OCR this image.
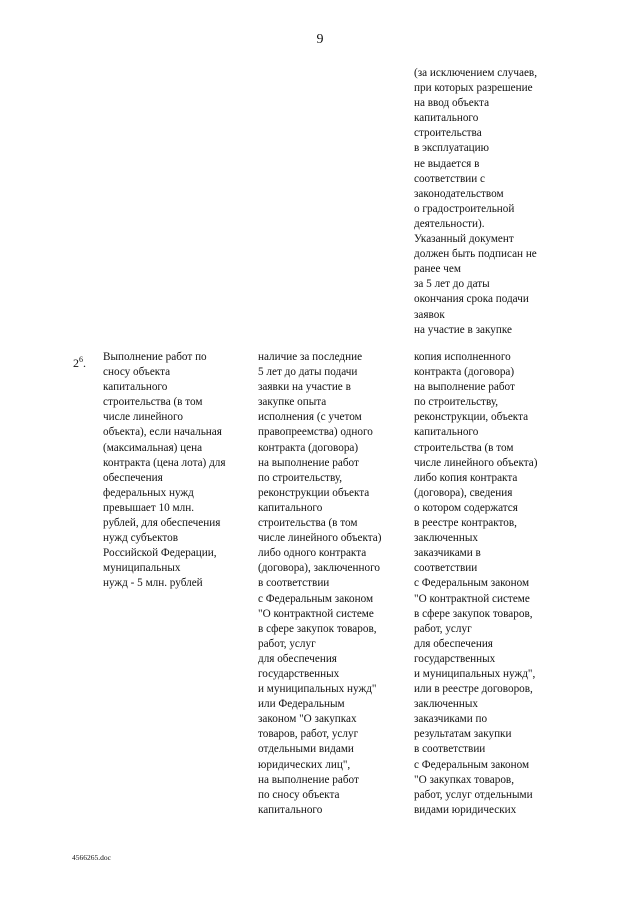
9

(за исключением случаев,
при которых разрешение
на ввод объекта
капитального
строительства
в эксплуатацию
не выдается в
соответствии с
законодательством
о градостроительной
деятельности).
Указанный документ
должен быть подписан не
ранее чем
за 5 лет до даты
окончания срока подачи
заявок
на участие в закупке

$2^6$. Выполнение работ по
сносу объекта
капитального
строительства (в том
числе линейного
объекта), если начальная
(максимальная) цена
контракта (цена лота) для
обеспечения
федеральных нужд
превышает 10 млн.
рублей, для обеспечения
нужд субъектов
Российской Федерации,
муниципальных
нужд - 5 млн. рублей

наличие за последние
5 лет до даты подачи
заявки на участие в
закупке опыта
исполнения (с учетом
правопреемства) одного
контракта (договора)
на выполнение работ
по строительству,
реконструкции объекта
капитального
строительства (в том
числе линейного объекта)
либо одного контракта
(договора), заключенного
в соответствии
с Федеральным законом
"О контрактной системе
в сфере закупок товаров,
работ, услуг
для обеспечения
государственных
и муниципальных нужд"
или Федеральным
законом "О закупках
товаров, работ, услуг
отдельными видами
юридических лиц",
на выполнение работ
по сносу объекта
капитального

копия исполненного
контракта (договора)
на выполнение работ
по строительству,
реконструкции, объекта
капитального
строительства (в том
числе линейного объекта)
либо копия контракта
(договора), сведения
о котором содержатся
в реестре контрактов,
заключенных
заказчиками в
соответствии
с Федеральным законом
"О контрактной системе
в сфере закупок товаров,
работ, услуг
для обеспечения
государственных
и муниципальных нужд",
или в реестре договоров,
заключенных
заказчиками по
результатам закупки
в соответствии
с Федеральным законом
"О закупках товаров,
работ, услуг отдельными
видами юридических

4566265.doc
